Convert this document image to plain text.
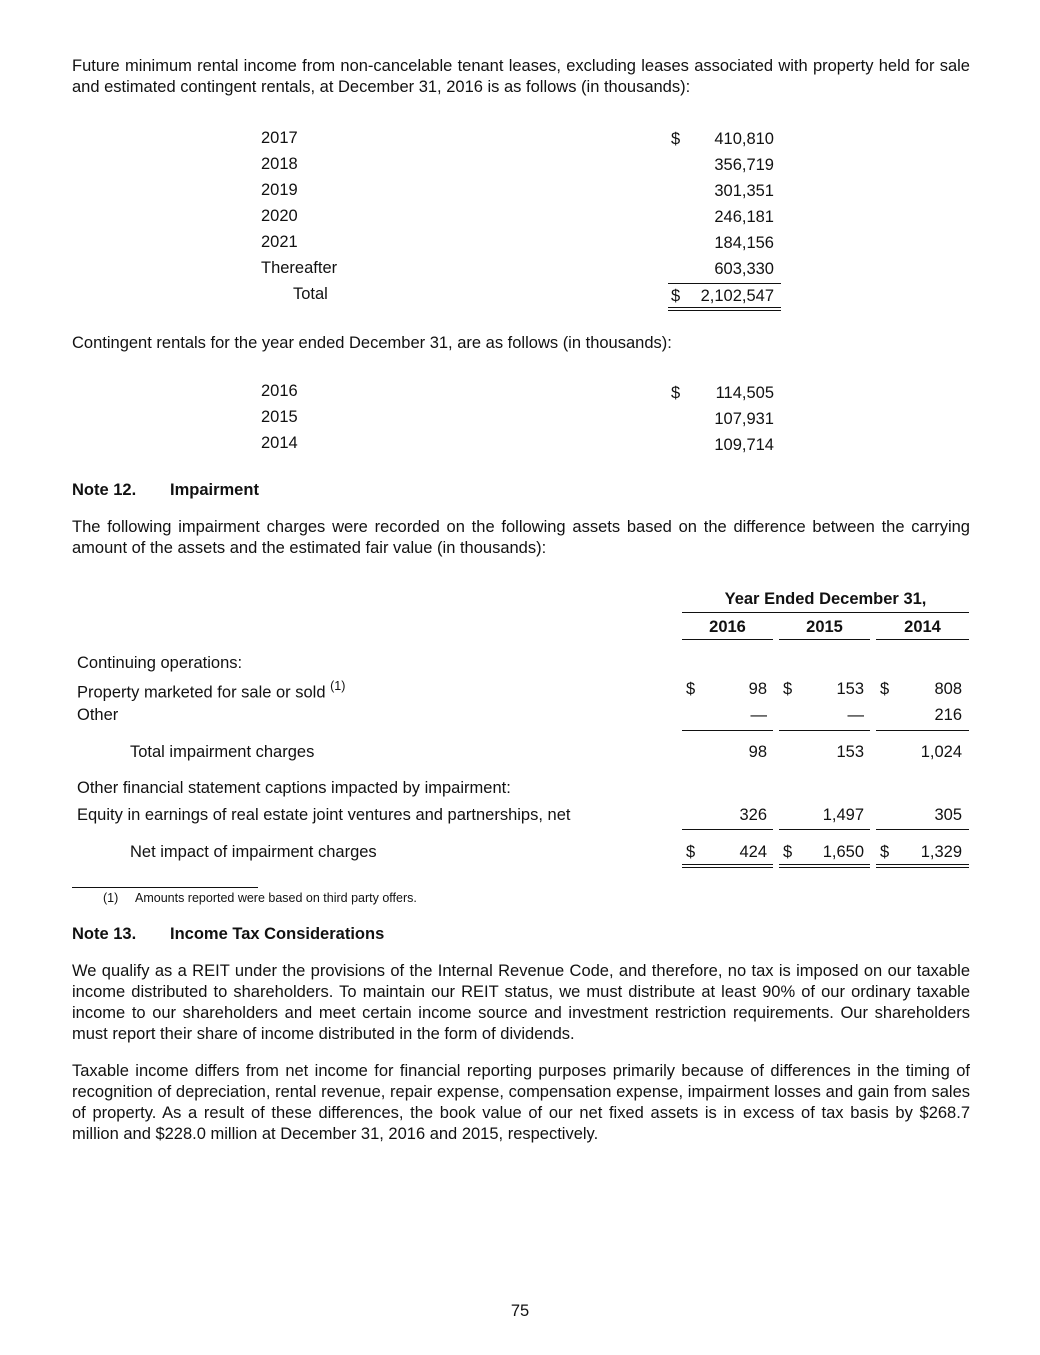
Future minimum rental income from non-cancelable tenant leases, excluding leases associated with property held for sale and estimated contingent rentals, at December 31, 2016 is as follows (in thousands):
2017	$	410,810
2018	356,719
2019	301,351
2020	246,181
2021	184,156
Thereafter	603,330
Total	$	2,102,547
Contingent rentals for the year ended December 31, are as follows (in thousands):
2016	$	114,505
2015	107,931
2014	109,714
Note 12. Impairment
The following impairment charges were recorded on the following assets based on the difference between the carrying amount of the assets and the estimated fair value (in thousands):
Year Ended December 31,
2016	2015	2014
Continuing operations:
Property marketed for sale or sold $^{(1)}$	$	98 $	153 $	808
Other	—	—	216
Total impairment charges	98	153	1,024
Other financial statement captions impacted by impairment:
Equity in earnings of real estate joint ventures and partnerships, net	326	1,497	305
Net impact of impairment charges	$	424 $	1,650 $	1,329
(1) Amounts reported were based on third party offers.
Note 13. Income Tax Considerations
We qualify as a REIT under the provisions of the Internal Revenue Code, and therefore, no tax is imposed on our taxable income distributed to shareholders. To maintain our REIT status, we must distribute at least 90% of our ordinary taxable income to our shareholders and meet certain income source and investment restriction requirements. Our shareholders must report their share of income distributed in the form of dividends.
Taxable income differs from net income for financial reporting purposes primarily because of differences in the timing of recognition of depreciation, rental revenue, repair expense, compensation expense, impairment losses and gain from sales of property. As a result of these differences, the book value of our net fixed assets is in excess of tax basis by $268.7 million and $228.0 million at December 31, 2016 and 2015, respectively.
75
